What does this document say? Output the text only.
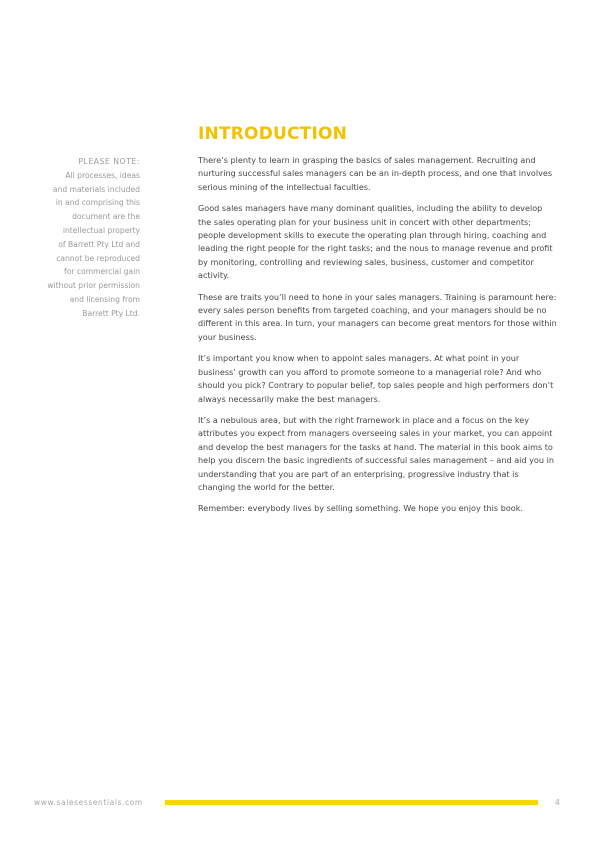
INTRODUCTION
PLEASE NOTE:
All processes, ideas
and materials included
in and comprising this
document are the
intellectual property
of Barrett Pty Ltd and
cannot be reproduced
for commercial gain
without prior permission
and licensing from
Barrett Pty Ltd.

There’s plenty to learn in grasping the basics of sales management. Recruiting and nurturing successful sales managers can be an in-depth process, and one that involves serious mining of the intellectual faculties.

Good sales managers have many dominant qualities, including the ability to develop the sales operating plan for your business unit in concert with other departments; people development skills to execute the operating plan through hiring, coaching and leading the right people for the right tasks; and the nous to manage revenue and profit by monitoring, controlling and reviewing sales, business, customer and competitor activity.

These are traits you’ll need to hone in your sales managers. Training is paramount here: every sales person benefits from targeted coaching, and your managers should be no different in this area. In turn, your managers can become great mentors for those within your business.

It’s important you know when to appoint sales managers. At what point in your business’ growth can you afford to promote someone to a managerial role? And who should you pick? Contrary to popular belief, top sales people and high performers don’t always necessarily make the best managers.

It’s a nebulous area, but with the right framework in place and a focus on the key attributes you expect from managers overseeing sales in your market, you can appoint and develop the best managers for the tasks at hand. The material in this book aims to help you discern the basic ingredients of successful sales management – and aid you in understanding that you are part of an enterprising, progressive industry that is changing the world for the better.

Remember: everybody lives by selling something. We hope you enjoy this book.

www.salesessentials.com	4
